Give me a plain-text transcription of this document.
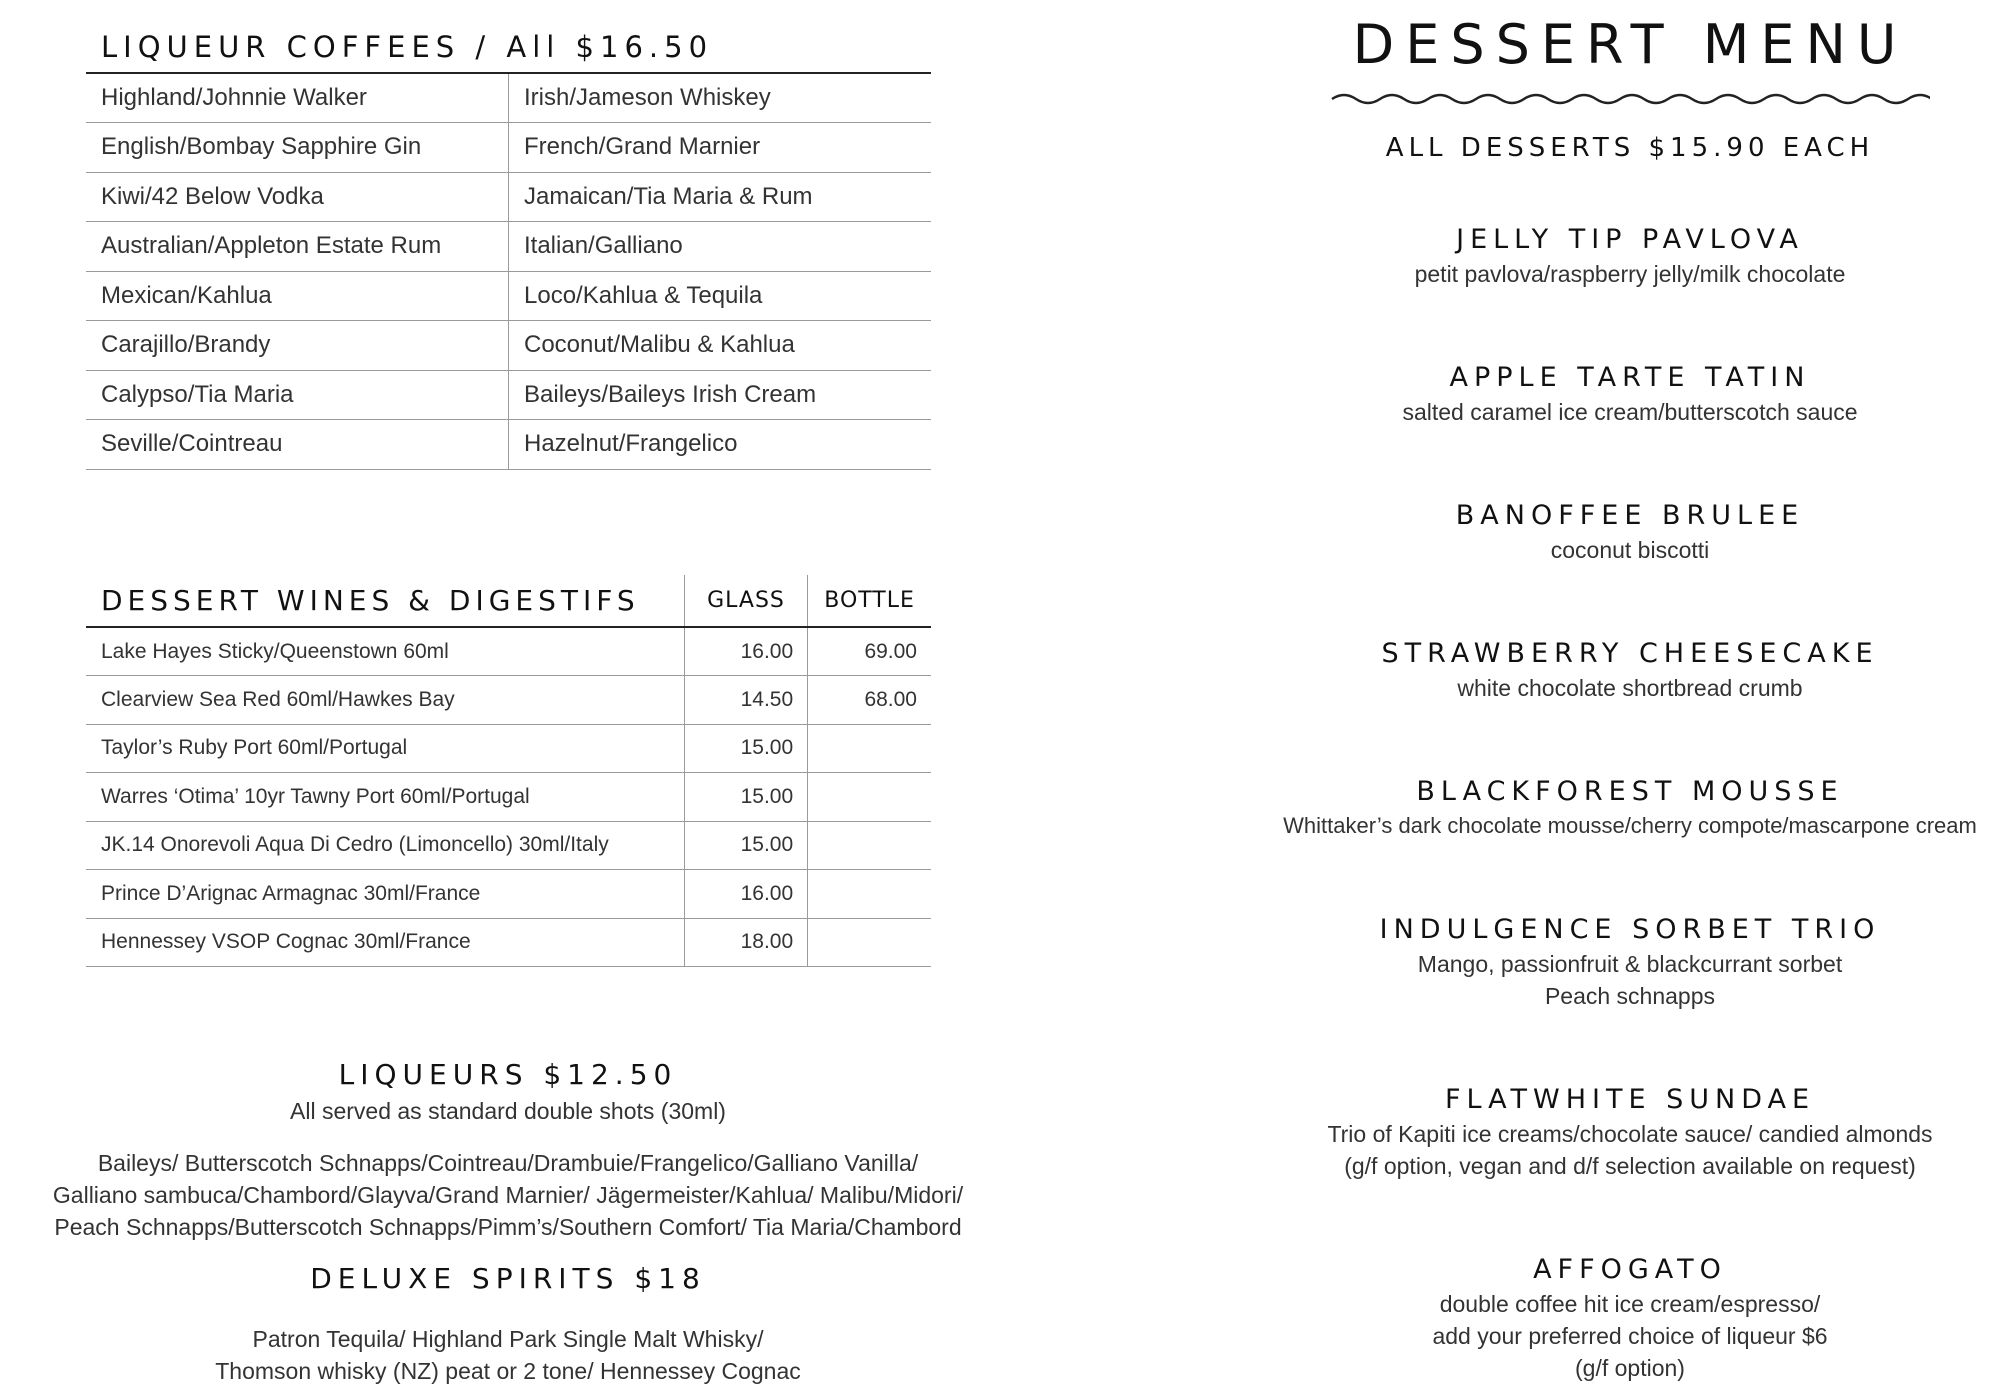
LIQUEUR COFFEES / All $16.50
Highland/Johnnie Walker	Irish/Jameson Whiskey
English/Bombay Sapphire Gin	French/Grand Marnier
Kiwi/42 Below Vodka	Jamaican/Tia Maria & Rum
Australian/Appleton Estate Rum	Italian/Galliano
Mexican/Kahlua	Loco/Kahlua & Tequila
Carajillo/Brandy	Coconut/Malibu & Kahlua
Calypso/Tia Maria	Baileys/Baileys Irish Cream
Seville/Cointreau	Hazelnut/Frangelico
DESSERT WINES & DIGESTIFS	GLASS	BOTTLE
Lake Hayes Sticky/Queenstown 60ml	16.00	69.00
Clearview Sea Red 60ml/Hawkes Bay	14.50	68.00
Taylor’s Ruby Port 60ml/Portugal	15.00	
Warres ‘Otima’ 10yr Tawny Port 60ml/Portugal	15.00	
JK.14 Onorevoli Aqua Di Cedro (Limoncello) 30ml/Italy	15.00	
Prince D’Arignac Armagnac 30ml/France	16.00	
Hennessey VSOP Cognac 30ml/France	18.00	
LIQUEURS $12.50
All served as standard double shots (30ml)
Baileys/ Butterscotch Schnapps/Cointreau/Drambuie/Frangelico/Galliano Vanilla/
Galliano sambuca/Chambord/Glayva/Grand Marnier/ Jägermeister/Kahlua/ Malibu/Midori/
Peach Schnapps/Butterscotch Schnapps/Pimm’s/Southern Comfort/ Tia Maria/Chambord
DELUXE SPIRITS $18
Patron Tequila/ Highland Park Single Malt Whisky/
Thomson whisky (NZ) peat or 2 tone/ Hennessey Cognac
DESSERT MENU
ALL DESSERTS $15.90 EACH
JELLY TIP PAVLOVA
petit pavlova/raspberry jelly/milk chocolate
APPLE TARTE TATIN
salted caramel ice cream/butterscotch sauce
BANOFFEE BRULEE
coconut biscotti
STRAWBERRY CHEESECAKE
white chocolate shortbread crumb
BLACKFOREST MOUSSE
Whittaker’s dark chocolate mousse/cherry compote/mascarpone cream
INDULGENCE SORBET TRIO
Mango, passionfruit & blackcurrant sorbet
Peach schnapps
FLATWHITE SUNDAE
Trio of Kapiti ice creams/chocolate sauce/ candied almonds
(g/f option, vegan and d/f selection available on request)
AFFOGATO
double coffee hit ice cream/espresso/
add your preferred choice of liqueur $6
(g/f option)
